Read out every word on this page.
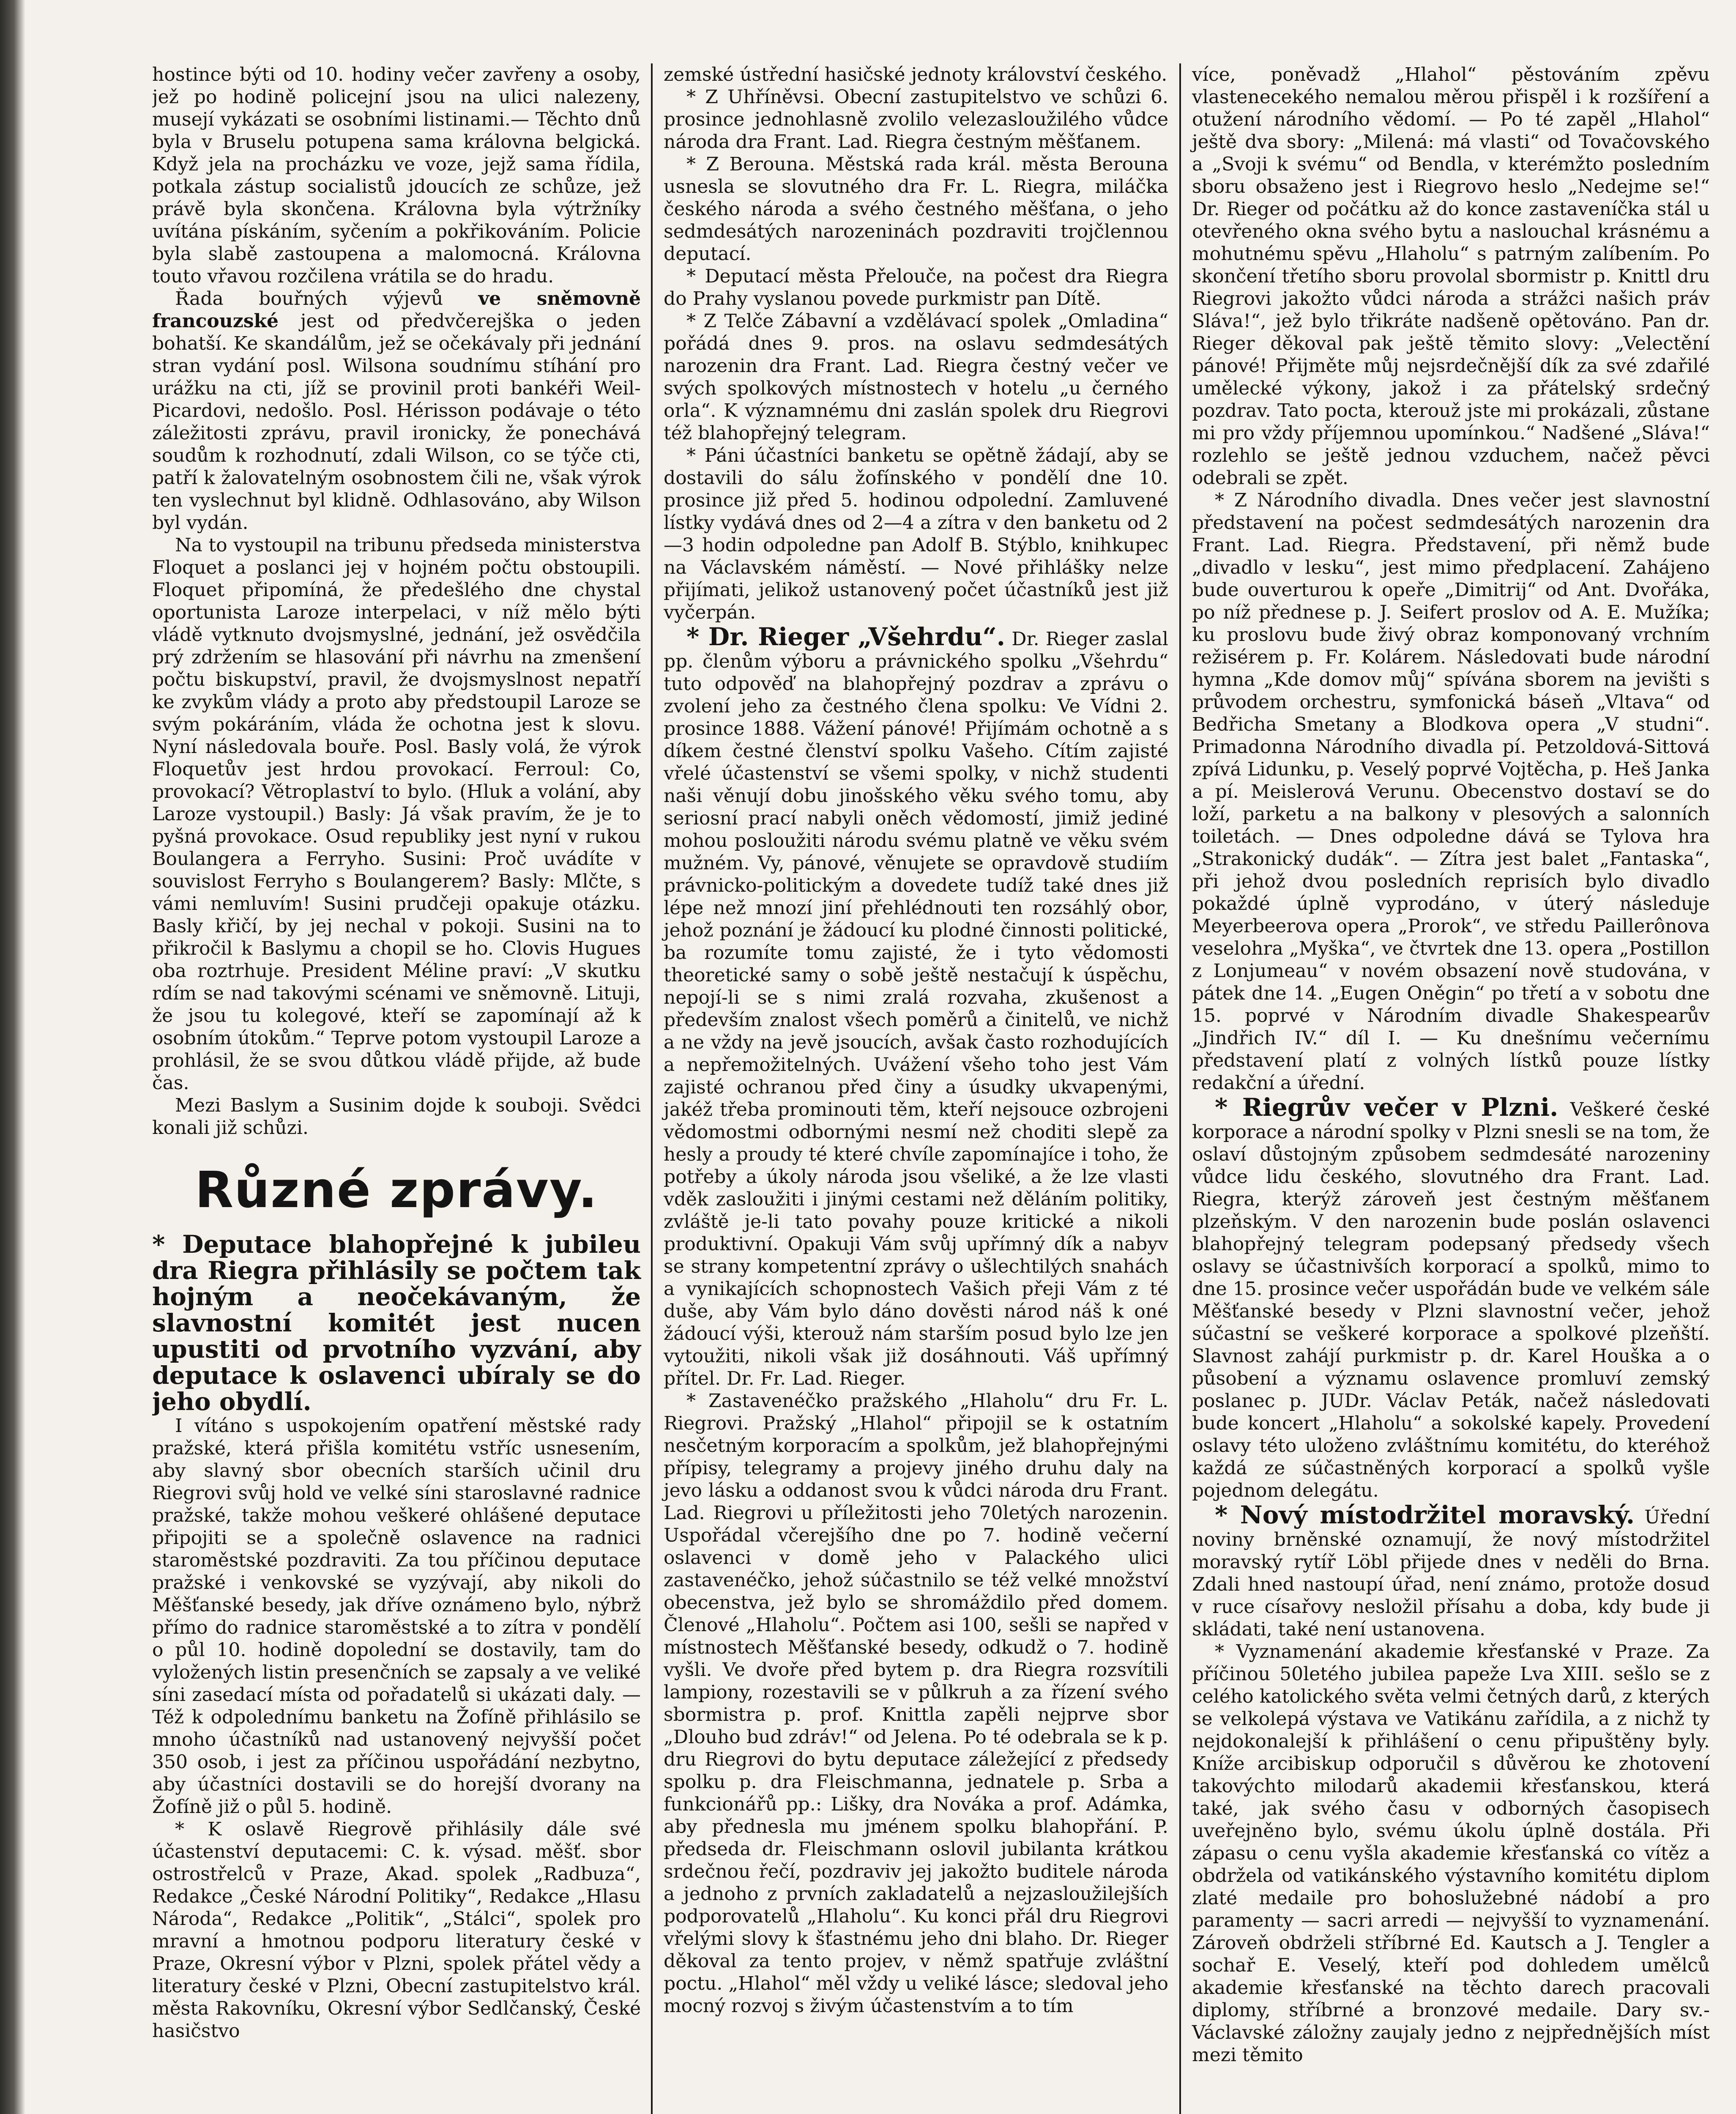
hostince býti od 10. hodiny večer zavřeny a osoby, jež po hodině policejní jsou na ulici nalezeny, musejí vykázati se osobními listinami.— Těchto dnů byla v Bruselu potupena sama královna belgická. Když jela na procházku ve voze, jejž sama řídila, potkala zástup socialistů jdoucích ze schůze, jež právě byla skončena. Královna byla výtržníky uvítána pískáním, syčením a pokřikováním. Policie byla slabě zastoupena a malomocná. Královna touto vřavou rozčilena vrátila se do hradu.

Řada bouřných výjevů ve sněmovně francouzské jest od předvčerejška o jeden bohatší. Ke skandálům, jež se očekávaly při jednání stran vydání posl. Wilsona soudnímu stíhání pro urážku na cti, jíž se provinil proti bankéři Weil-Picardovi, nedošlo. Posl. Hérisson podávaje o této záležitosti zprávu, pravil ironicky, že ponechává soudům k rozhodnutí, zdali Wilson, co se týče cti, patří k žalovatelným osobnostem čili ne, však výrok ten vyslechnut byl klidně. Odhlasováno, aby Wilson byl vydán.

Na to vystoupil na tribunu předseda ministerstva Floquet a poslanci jej v hojném počtu obstoupili. Floquet připomíná, že předešlého dne chystal oportunista Laroze interpelaci, v níž mělo býti vládě vytknuto dvojsmyslné, jednání, jež osvědčila prý zdržením se hlasování při návrhu na zmenšení počtu biskupství, pravil, že dvojsmyslnost nepatří ke zvykům vlády a proto aby předstoupil Laroze se svým pokáráním, vláda že ochotna jest k slovu. Nyní následovala bouře. Posl. Basly volá, že výrok Floquetův jest hrdou provokací. Ferroul: Co, provokací? Větroplaství to bylo. (Hluk a volání, aby Laroze vystoupil.) Basly: Já však pravím, že je to pyšná provokace. Osud republiky jest nyní v rukou Boulangera a Ferryho. Susini: Proč uvádíte v souvislost Ferryho s Boulangerem? Basly: Mlčte, s vámi nemluvím! Susini prudčeji opakuje otázku. Basly křičí, by jej nechal v pokoji. Susini na to přikročil k Baslymu a chopil se ho. Clovis Hugues oba roztrhuje. President Méline praví: „V skutku rdím se nad takovými scénami ve sněmovně. Lituji, že jsou tu kolegové, kteří se zapomínají až k osobním útokům.“ Teprve potom vystoupil Laroze a prohlásil, že se svou důtkou vládě přijde, až bude čas.

Mezi Baslym a Susinim dojde k souboji. Svědci konali již schůzi.

Různé zprávy.

* Deputace blahopřejné k jubileu dra Riegra přihlásily se počtem tak hojným a neočekávaným, že slavnostní komitét jest nucen upustiti od prvotního vyzvání, aby deputace k oslavenci ubíraly se do jeho obydlí.

I vítáno s uspokojením opatření městské rady pražské, která přišla komitétu vstříc usnesením, aby slavný sbor obecních starších učinil dru Riegrovi svůj hold ve velké síni staroslavné radnice pražské, takže mohou veškeré ohlášené deputace připojiti se a společně oslavence na radnici staroměstské pozdraviti. Za tou příčinou deputace pražské i venkovské se vyzývají, aby nikoli do Měšťanské besedy, jak dříve oznámeno bylo, nýbrž přímo do radnice staroměstské a to zítra v pondělí o půl 10. hodině dopolední se dostavily, tam do vyložených listin presenčních se zapsaly a ve veliké síni zasedací místa od pořadatelů si ukázati daly. — Též k odpolednímu banketu na Žofíně přihlásilo se mnoho účastníků nad ustanovený nejvyšší počet 350 osob, i jest za příčinou uspořádání nezbytno, aby účastníci dostavili se do horejší dvorany na Žofíně již o půl 5. hodině.

* K oslavě Riegrově přihlásily dále své účastenství deputacemi: C. k. výsad. měšť. sbor ostrostřelců v Praze, Akad. spolek „Radbuza“, Redakce „České Národní Politiky“, Redakce „Hlasu Národa“, Redakce „Politik“, „Stálci“, spolek pro mravní a hmotnou podporu literatury české v Praze, Okresní výbor v Plzni, spolek přátel vědy a literatury české v Plzni, Obecní zastupitelstvo král. města Rakovníku, Okresní výbor Sedlčanský, České hasičstvo

zemské ústřední hasičské jednoty království českého.

* Z Uhříněvsi. Obecní zastupitelstvo ve schůzi 6. prosince jednohlasně zvolilo velezasloužilého vůdce národa dra Frant. Lad. Riegra čestným měšťanem.

* Z Berouna. Městská rada král. města Berouna usnesla se slovutného dra Fr. L. Riegra, miláčka českého národa a svého čestného měšťana, o jeho sedmdesátých narozeninách pozdraviti trojčlennou deputací.

* Deputací města Přelouče, na počest dra Riegra do Prahy vyslanou povede purkmistr pan Dítě.

* Z Telče Zábavní a vzdělávací spolek „Omladina“ pořádá dnes 9. pros. na oslavu sedmdesátých narozenin dra Frant. Lad. Riegra čestný večer ve svých spolkových místnostech v hotelu „u černého orla“. K významnému dni zaslán spolek dru Riegrovi též blahopřejný telegram.

* Páni účastníci banketu se opětně žádají, aby se dostavili do sálu žofínského v pondělí dne 10. prosince již před 5. hodinou odpolední. Zamluvené lístky vydává dnes od 2—4 a zítra v den banketu od 2—3 hodin odpoledne pan Adolf B. Stýblo, knihkupec na Václavském náměstí. — Nové přihlášky nelze přijímati, jelikož ustanovený počet účastníků jest již vyčerpán.

* Dr. Rieger „Všehrdu“. Dr. Rieger zaslal pp. členům výboru a právnického spolku „Všehrdu“ tuto odpověď na blahopřejný pozdrav a zprávu o zvolení jeho za čestného člena spolku: Ve Vídni 2. prosince 1888. Vážení pánové! Přijímám ochotně a s díkem čestné členství spolku Vašeho. Cítím zajisté vřelé účastenství se všemi spolky, v nichž studenti naši věnují dobu jinošského věku svého tomu, aby seriosní prací nabyli oněch vědomostí, jimiž jediné mohou posloužiti národu svému platně ve věku svém mužném. Vy, pánové, věnujete se opravdově studiím právnicko-politickým a dovedete tudíž také dnes již lépe než mnozí jiní přehlédnouti ten rozsáhlý obor, jehož poznání je žádoucí ku plodné činnosti politické, ba rozumíte tomu zajisté, že i tyto vědomosti theoretické samy o sobě ještě nestačují k úspěchu, nepojí-li se s nimi zralá rozvaha, zkušenost a především znalost všech poměrů a činitelů, ve nichž a ne vždy na jevě jsoucích, avšak často rozhodujících a nepřemožitelných. Uvážení všeho toho jest Vám zajisté ochranou před činy a úsudky ukvapenými, jakéž třeba prominouti těm, kteří nejsouce ozbrojeni vědomostmi odbornými nesmí než choditi slepě za hesly a proudy té které chvíle zapomínajíce i toho, že potřeby a úkoly národa jsou všeliké, a že lze vlasti vděk zasloužiti i jinými cestami než děláním politiky, zvláště je-li tato povahy pouze kritické a nikoli produktivní. Opakuji Vám svůj upřímný dík a nabyv se strany kompetentní zprávy o ušlechtilých snahách a vynikajících schopnostech Vašich přeji Vám z té duše, aby Vám bylo dáno dověsti národ náš k oné žádoucí výši, kterouž nám starším posud bylo lze jen vytoužiti, nikoli však již dosáhnouti. Váš upřímný přítel. Dr. Fr. Lad. Rieger.

* Zastavenéčko pražského „Hlaholu“ dru Fr. L. Riegrovi. Pražský „Hlahol“ připojil se k ostatním nesčetným korporacím a spolkům, jež blahopřejnými přípisy, telegramy a projevy jiného druhu daly na jevo lásku a oddanost svou k vůdci národa dru Frant. Lad. Riegrovi u příležitosti jeho 70letých narozenin. Uspořádal včerejšího dne po 7. hodině večerní oslavenci v domě jeho v Palackého ulici zastavenéčko, jehož súčastnilo se též velké množství obecenstva, jež bylo se shromáždilo před domem. Členové „Hlaholu“. Počtem asi 100, sešli se napřed v místnostech Měšťanské besedy, odkudž o 7. hodině vyšli. Ve dvoře před bytem p. dra Riegra rozsvítili lampiony, rozestavili se v půlkruh a za řízení svého sbormistra p. prof. Knittla zapěli nejprve sbor „Dlouho bud zdráv!“ od Jelena. Po té odebrala se k p. dru Riegrovi do bytu deputace záležející z předsedy spolku p. dra Fleischmanna, jednatele p. Srba a funkcionářů pp.: Lišky, dra Nováka a prof. Adámka, aby přednesla mu jménem spolku blahopřání. P. předseda dr. Fleischmann oslovil jubilanta krátkou srdečnou řečí, pozdraviv jej jakožto buditele národa a jednoho z prvních zakladatelů a nejzasloužilejších podporovatelů „Hlaholu“. Ku konci přál dru Riegrovi vřelými slovy k šťastnému jeho dni blaho. Dr. Rieger děkoval za tento projev, v němž spatřuje zvláštní poctu. „Hlahol“ měl vždy u veliké lásce; sledoval jeho mocný rozvoj s živým účastenstvím a to tím

více, poněvadž „Hlahol“ pěstováním zpěvu vlastenecekého nemalou měrou přispěl i k rozšíření a otužení národního vědomí. — Po té zapěl „Hlahol“ ještě dva sbory: „Milená: má vlasti“ od Tovačovského a „Svoji k svému“ od Bendla, v kterémžto posledním sboru obsaženo jest i Riegrovo heslo „Nedejme se!“ Dr. Rieger od počátku až do konce zastaveníčka stál u otevřeného okna svého bytu a naslouchal krásnému a mohutnému spěvu „Hlaholu“ s patrným zalíbením. Po skončení třetího sboru provolal sbormistr p. Knittl dru Riegrovi jakožto vůdci národa a strážci našich práv Sláva!“, jež bylo třikráte nadšeně opětováno. Pan dr. Rieger děkoval pak ještě těmito slovy: „Velectění pánové! Přijměte můj nejsrdečnější dík za své zdařilé umělecké výkony, jakož i za přátelský srdečný pozdrav. Tato pocta, kterouž jste mi prokázali, zůstane mi pro vždy příjemnou upomínkou.“ Nadšené „Sláva!“ rozlehlo se ještě jednou vzduchem, načež pěvci odebrali se zpět.

* Z Národního divadla. Dnes večer jest slavnostní představení na počest sedmdesátých narozenin dra Frant. Lad. Riegra. Představení, při němž bude „divadlo v lesku“, jest mimo předplacení. Zahájeno bude ouverturou k opeře „Dimitrij“ od Ant. Dvořáka, po níž přednese p. J. Seifert proslov od A. E. Mužíka; ku proslovu bude živý obraz komponovaný vrchním režisérem p. Fr. Kolárem. Následovati bude národní hymna „Kde domov můj“ spívána sborem na jevišti s průvodem orchestru, symfonická báseň „Vltava“ od Bedřicha Smetany a Blodkova opera „V studni“. Primadonna Národního divadla pí. Petzoldová-Sittová zpívá Lidunku, p. Veselý poprvé Vojtěcha, p. Heš Janka a pí. Meislerová Verunu. Obecenstvo dostaví se do loží, parketu a na balkony v plesových a salonních toiletách. — Dnes odpoledne dává se Tylova hra „Strakonický dudák“. — Zítra jest balet „Fantaska“, při jehož dvou posledních reprisích bylo divadlo pokaždé úplně vyprodáno, v úterý následuje Meyerbeerova opera „Prorok“, ve středu Paillerônova veselohra „Myška“, ve čtvrtek dne 13. opera „Postillon z Lonjumeau“ v novém obsazení nově studována, v pátek dne 14. „Eugen Oněgin“ po třetí a v sobotu dne 15. poprvé v Národním divadle Shakespearův „Jindřich IV.“ díl I. — Ku dnešnímu večernímu představení platí z volných lístků pouze lístky redakční a úřední.

* Riegrův večer v Plzni. Veškeré české korporace a národní spolky v Plzni snesli se na tom, že oslaví důstojným způsobem sedmdesáté narozeniny vůdce lidu českého, slovutného dra Frant. Lad. Riegra, kterýž zároveň jest čestným měšťanem plzeňským. V den narozenin bude poslán oslavenci blahopřejný telegram podepsaný předsedy všech oslavy se účastnivších korporací a spolků, mimo to dne 15. prosince večer uspořádán bude ve velkém sále Měšťanské besedy v Plzni slavnostní večer, jehož súčastní se veškeré korporace a spolkové plzeňští. Slavnost zahájí purkmistr p. dr. Karel Houška a o působení a významu oslavence promluví zemský poslanec p. JUDr. Václav Peták, načež následovati bude koncert „Hlaholu“ a sokolské kapely. Provedení oslavy této uloženo zvláštnímu komitétu, do kteréhož každá ze súčastněných korporací a spolků vyšle pojednom delegátu.

* Nový místodržitel moravský. Úřední noviny brněnské oznamují, že nový místodržitel moravský rytíř Löbl přijede dnes v neděli do Brna. Zdali hned nastoupí úřad, není známo, protože dosud v ruce císařovy nesložil přísahu a doba, kdy bude ji skládati, také není ustanovena.

* Vyznamenání akademie křesťanské v Praze. Za příčinou 50letého jubilea papeže Lva XIII. sešlo se z celého katolického světa velmi četných darů, z kterých se velkolepá výstava ve Vatikánu zařídila, a z nichž ty nejdokonalejší k přihlášení o cenu připuštěny byly. Kníže arcibiskup odporučil s důvěrou ke zhotovení takovýchto milodarů akademii křesťanskou, která také, jak svého času v odborných časopisech uveřejněno bylo, svému úkolu úplně dostála. Při zápasu o cenu vyšla akademie křesťanská co vítěz a obdržela od vatikánského výstavního komitétu diplom zlaté medaile pro bohoslužebné nádobí a pro paramenty — sacri arredi — nejvyšší to vyznamenání. Zároveň obdrželi stříbrné Ed. Kautsch a J. Tengler a sochař E. Veselý, kteří pod dohledem umělců akademie křesťanské na těchto darech pracovali diplomy, stříbrné a bronzové medaile. Dary sv.-Václavské záložny zaujaly jedno z nejpřednějších míst mezi těmito
